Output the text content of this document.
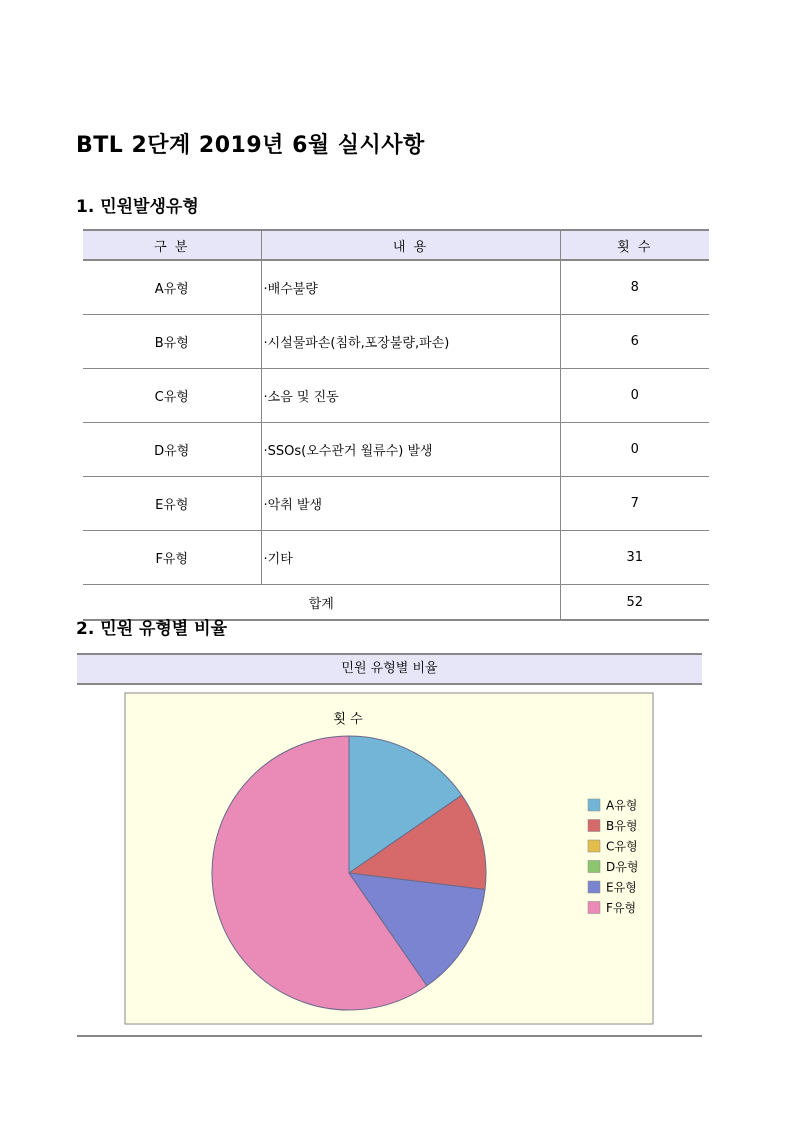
BTL 2단계 2019년 6월 실시사항
1. 민원발생유형
구 분	내 용	횟 수
A유형	·배수불량	8
B유형	·시설물파손(침하,포장불량,파손)	6
C유형	·소음 및 진동	0
D유형	·SSOs(오수관거 월류수) 발생	0
E유형	·악취 발생	7
F유형	·기타	31
합계		52
2. 민원 유형별 비율
민원 유형별 비율
횟 수
A유형
B유형
C유형
D유형
E유형
F유형
